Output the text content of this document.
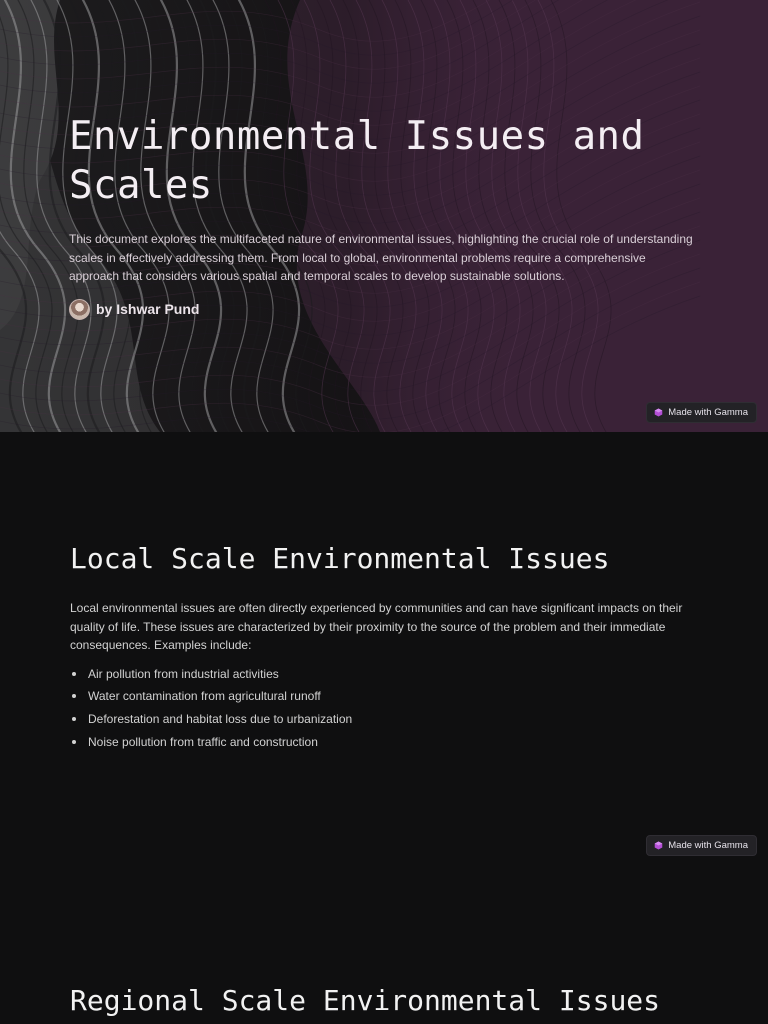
Environmental Issues and Scales

This document explores the multifaceted nature of environmental issues, highlighting the crucial role of understanding scales in effectively addressing them. From local to global, environmental problems require a comprehensive approach that considers various spatial and temporal scales to develop sustainable solutions.

by Ishwar Pund
Made with Gamma
Local Scale Environmental Issues

Local environmental issues are often directly experienced by communities and can have significant impacts on their quality of life. These issues are characterized by their proximity to the source of the problem and their immediate consequences. Examples include:

Air pollution from industrial activities
Water contamination from agricultural runoff
Deforestation and habitat loss due to urbanization
Noise pollution from traffic and construction
Made with Gamma
Regional Scale Environmental Issues
